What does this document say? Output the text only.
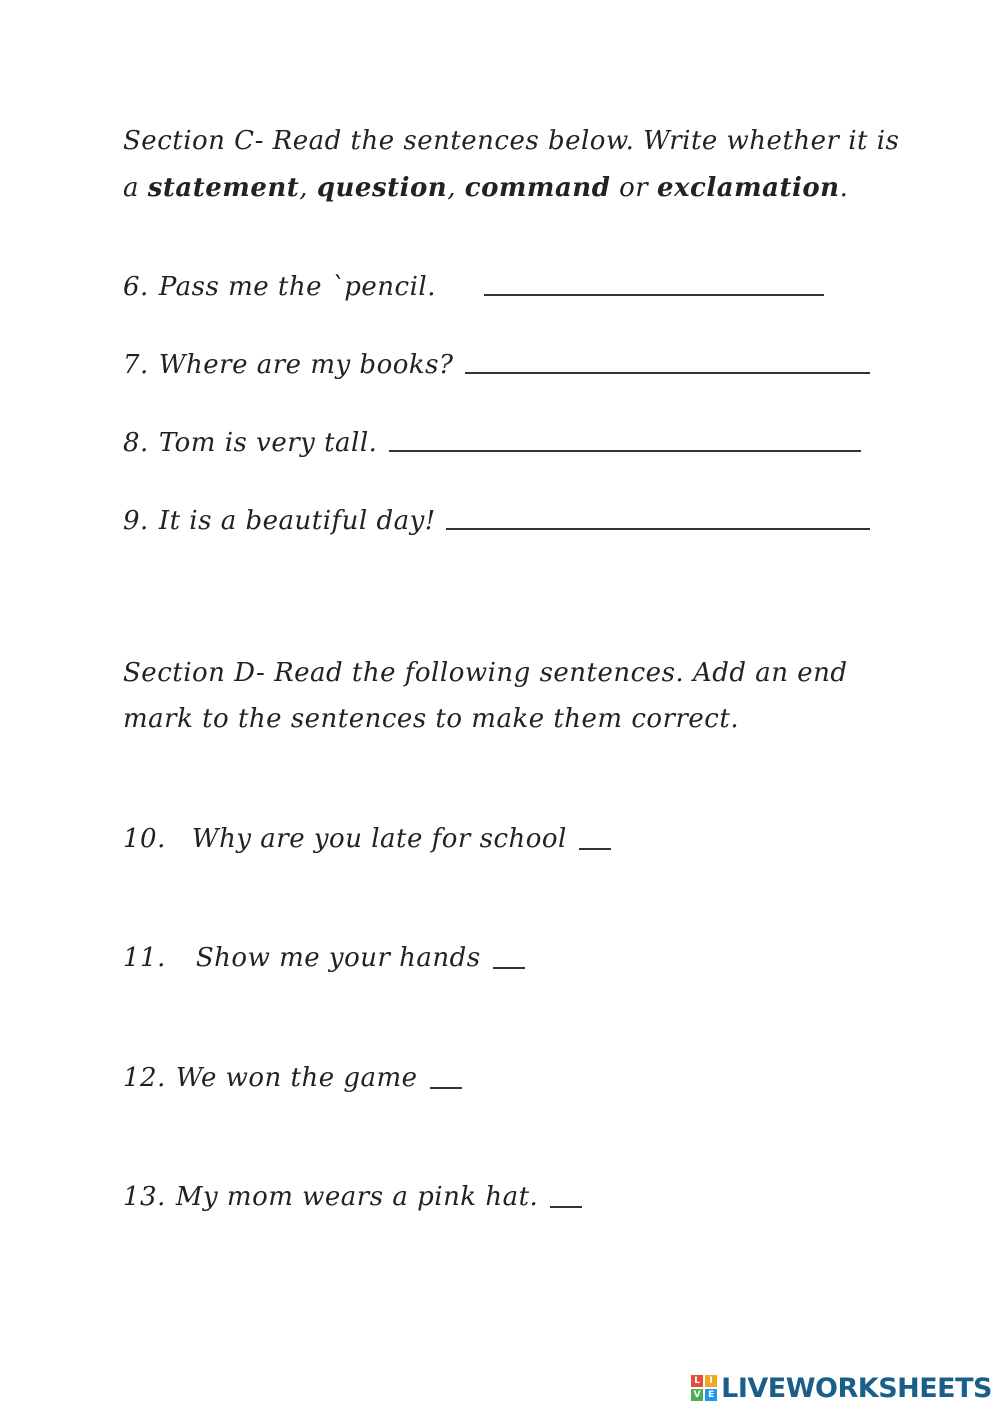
Section C- Read the sentences below. Write whether it is
a statement, question, command or exclamation.
6. Pass me the `pencil.
7. Where are my books?
8. Tom is very tall.
9. It is a beautiful day!
Section D- Read the following sentences. Add an end
mark to the sentences to make them correct.
10. Why are you late for school
11. Show me your hands
12. We won the game
13. My mom wears a pink hat.
L	I
V E LIVEWORKSHEETS
